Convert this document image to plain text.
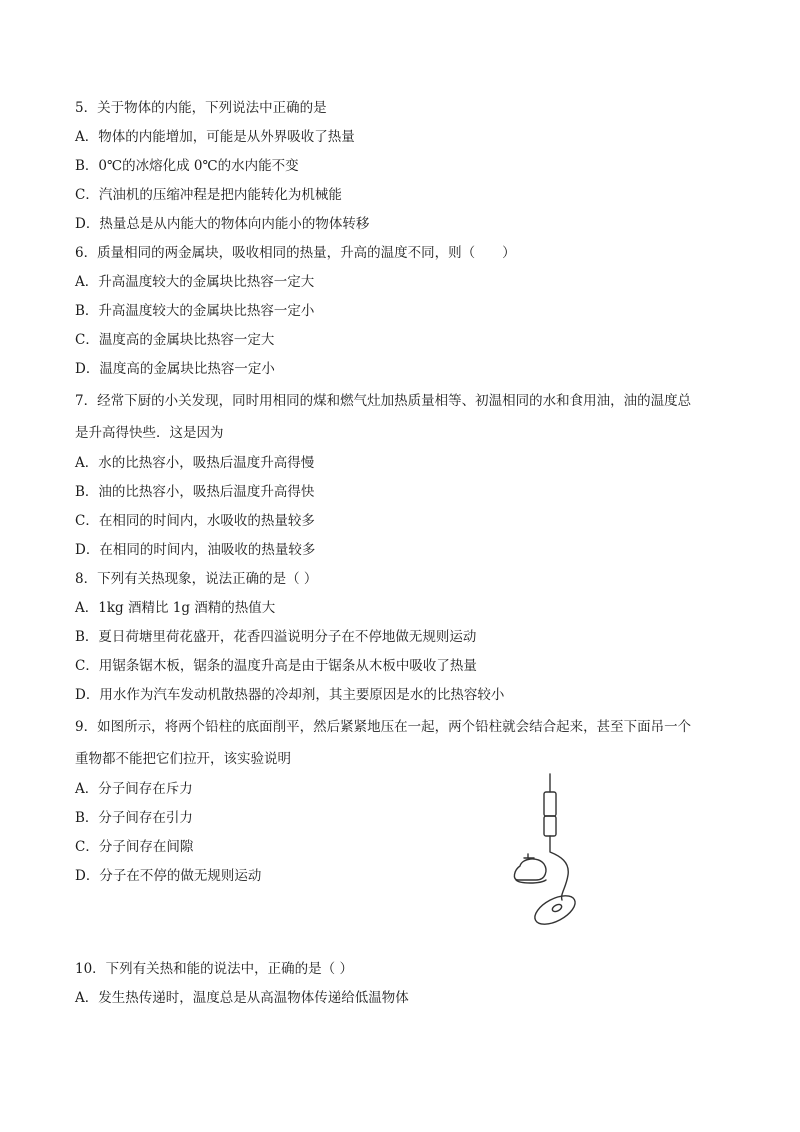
5．关于物体的内能，下列说法中正确的是
A．物体的内能增加，可能是从外界吸收了热量
B．0℃的冰熔化成 0℃的水内能不变
C．汽油机的压缩冲程是把内能转化为机械能
D．热量总是从内能大的物体向内能小的物体转移
6．质量相同的两金属块，吸收相同的热量，升高的温度不同，则（　　）
A．升高温度较大的金属块比热容一定大
B．升高温度较大的金属块比热容一定小
C．温度高的金属块比热容一定大
D．温度高的金属块比热容一定小
7．经常下厨的小关发现，同时用相同的煤和燃气灶加热质量相等、初温相同的水和食用油，油的温度总
是升高得快些．这是因为
A．水的比热容小，吸热后温度升高得慢
B．油的比热容小，吸热后温度升高得快
C．在相同的时间内，水吸收的热量较多
D．在相同的时间内，油吸收的热量较多
8．下列有关热现象，说法正确的是（ ）
A．1kg 酒精比 1g 酒精的热值大
B．夏日荷塘里荷花盛开，花香四溢说明分子在不停地做无规则运动
C．用锯条锯木板，锯条的温度升高是由于锯条从木板中吸收了热量
D．用水作为汽车发动机散热器的冷却剂，其主要原因是水的比热容较小
9．如图所示，将两个铅柱的底面削平，然后紧紧地压在一起，两个铅柱就会结合起来，甚至下面吊一个
重物都不能把它们拉开，该实验说明
A．分子间存在斥力
B．分子间存在引力
C．分子间存在间隙
D．分子在不停的做无规则运动
10．下列有关热和能的说法中，正确的是（ ）
A．发生热传递时，温度总是从高温物体传递给低温物体
